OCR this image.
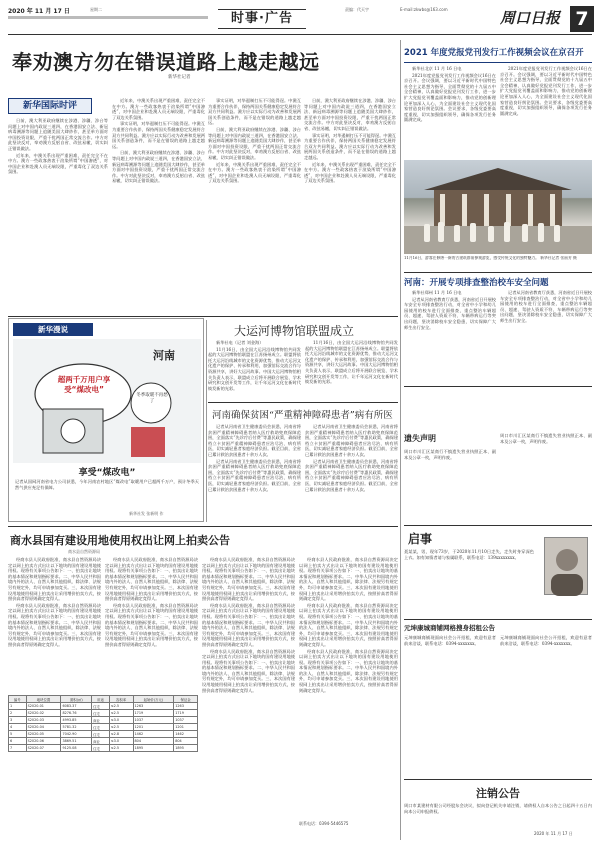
2020 年 11 月 17 日	星期二	责编：代天宇	E-mail:zkwbs@163.com
时事·广告	周口日报 7
奉劝澳方勿在错误道路上越走越远
新华社记者
新华国际时评

日前，澳大利亚政府继续在涉港、涉疆、涉台等问题上对中国内政说三道四，在香港国安立法、新冠病毒溯源等问题上追随美国大肆炒作，甚至单方面对中国投资设限，严重干扰两国正常交流合作。中方对此坚决反对，奉劝澳方反躬自省、改弦易辙，切实纠正错误做法。

近年来，中澳关系出现严重困难，责任完全不在中方。澳方一些政客热衷于渲染所谓“中国渗透”，对中国企业和赴澳人员无端设限，严重毒化了双边关系氛围。

近年来，中澳关系出现严重困难，责任完全不在中方。澳方一些政客热衷于渲染所谓“中国渗透”，对中国企业和赴澳人员无端设限，严重毒化了双边关系氛围。

事实证明，对华遏制打压不可能得逞。中澳互为重要合作伙伴，保持两国关系健康稳定发展符合双方共同利益。澳方应以实际行动为改善和发展两国关系创造条件，而不是在错误的道路上越走越远。

日前，澳大利亚政府继续在涉港、涉疆、涉台等问题上对中国内政说三道四，在香港国安立法、新冠病毒溯源等问题上追随美国大肆炒作，甚至单方面对中国投资设限，严重干扰两国正常交流合作。中方对此坚决反对，奉劝澳方反躬自省、改弦易辙，切实纠正错误做法。

事实证明，对华遏制打压不可能得逞。中澳互为重要合作伙伴，保持两国关系健康稳定发展符合双方共同利益。澳方应以实际行动为改善和发展两国关系创造条件，而不是在错误的道路上越走越远。

日前，澳大利亚政府继续在涉港、涉疆、涉台等问题上对中国内政说三道四，在香港国安立法、新冠病毒溯源等问题上追随美国大肆炒作，甚至单方面对中国投资设限，严重干扰两国正常交流合作。中方对此坚决反对，奉劝澳方反躬自省、改弦易辙，切实纠正错误做法。

近年来，中澳关系出现严重困难，责任完全不在中方。澳方一些政客热衷于渲染所谓“中国渗透”，对中国企业和赴澳人员无端设限，严重毒化了双边关系氛围。

日前，澳大利亚政府继续在涉港、涉疆、涉台等问题上对中国内政说三道四，在香港国安立法、新冠病毒溯源等问题上追随美国大肆炒作，甚至单方面对中国投资设限，严重干扰两国正常交流合作。中方对此坚决反对，奉劝澳方反躬自省、改弦易辙，切实纠正错误做法。

事实证明，对华遏制打压不可能得逞。中澳互为重要合作伙伴，保持两国关系健康稳定发展符合双方共同利益。澳方应以实际行动为改善和发展两国关系创造条件，而不是在错误的道路上越走越远。

近年来，中澳关系出现严重困难，责任完全不在中方。澳方一些政客热衷于渲染所谓“中国渗透”，对中国企业和赴澳人员无端设限，严重毒化了双边关系氛围。

2021 年度党报党刊发行工作视频会议在京召开

新华社北京 11 月 16 日电

2021年度党报党刊发行工作视频会议16日在京召开。会议强调，要以习近平新时代中国特色社会主义思想为指导，全面贯彻党的十九届五中全会精神，认真做好党报党刊发行工作，进一步扩大党报党刊覆盖面和影响力，推动党的创新理论更加深入人心，为全面建设社会主义现代化国家营造良好舆论氛围。会议要求，各级党委要高度重视，切实加强组织领导，确保各项发行任务圆满完成。

2021年度党报党刊发行工作视频会议16日在京召开。会议强调，要以习近平新时代中国特色社会主义思想为指导，全面贯彻党的十九届五中全会精神，认真做好党报党刊发行工作，进一步扩大党报党刊覆盖面和影响力，推动党的创新理论更加深入人心，为全面建设社会主义现代化国家营造良好舆论氛围。会议要求，各级党委要高度重视，切实加强组织领导，确保各项发行任务圆满完成。

11月16日，游客在修缮一新的古建筑群前参观游览，感受传统文化的独特魅力。 新华社记者 张丽芳 摄
河南：开展专项排查整治校车安全问题

新华社郑州 11 月 16 日电

记者从河南省教育厅获悉，河南省近日开展校车安全专项排查整治行动，对全省中小学和幼儿园使用的校车进行全面排查，重点整治车辆超员、超速、驾驶人资质不符、车辆带病运行等突出问题，坚决消除校车安全隐患，切实保障广大师生出行安全。

记者从河南省教育厅获悉，河南省近日开展校车安全专项排查整治行动，对全省中小学和幼儿园使用的校车进行全面排查，重点整治车辆超员、超速、驾驶人资质不符、车辆带病运行等突出问题，坚决消除校车安全隐患，切实保障广大师生出行安全。

新华漫说
超两千万用户享受“煤改电”
冬季取暖不再愁了
河南
享受“煤改电”
记者从国网河南省电力公司获悉，今年河南农村地区“煤改电”取暖用户已超两千万户，预计冬季天然气供应充足有保障。
新华社发 张新明 作
大运河博物馆联盟成立

新华社电（记者 刘金海）

11月16日，由全国大运河沿线博物馆共同发起的大运河博物馆联盟在江苏扬州成立。联盟将依托大运河沿线城市的文化资源优势，推动大运河文化遗产的保护、传承和利用，加强馆际交流合作与资源共享，讲好大运河故事。中国大运河博物馆相关负责人表示，联盟成立后将开展联合展览、学术研究和文创开发等工作，让千年运河文化在新时代焕发新的光彩。

11月16日，由全国大运河沿线博物馆共同发起的大运河博物馆联盟在江苏扬州成立。联盟将依托大运河沿线城市的文化资源优势，推动大运河文化遗产的保护、传承和利用，加强馆际交流合作与资源共享，讲好大运河故事。中国大运河博物馆相关负责人表示，联盟成立后将开展联合展览、学术研究和文创开发等工作，让千年运河文化在新时代焕发新的光彩。

河南确保贫困“严重精神障碍患者”病有所医

记者从河南省卫生健康委员会获悉，河南省将贫困严重精神障碍患者纳入医疗救助兜底保障范围，全面落实“先诊疗后付费”等惠民政策，确保建档立卡贫困严重精神障碍患者应治尽治、病有所医，切实减轻患者家庭经济负担。截至目前，全省已累计救治贫困患者十余万人次。

记者从河南省卫生健康委员会获悉，河南省将贫困严重精神障碍患者纳入医疗救助兜底保障范围，全面落实“先诊疗后付费”等惠民政策，确保建档立卡贫困严重精神障碍患者应治尽治、病有所医，切实减轻患者家庭经济负担。截至目前，全省已累计救治贫困患者十余万人次。

记者从河南省卫生健康委员会获悉，河南省将贫困严重精神障碍患者纳入医疗救助兜底保障范围，全面落实“先诊疗后付费”等惠民政策，确保建档立卡贫困严重精神障碍患者应治尽治、病有所医，切实减轻患者家庭经济负担。截至目前，全省已累计救治贫困患者十余万人次。

记者从河南省卫生健康委员会获悉，河南省将贫困严重精神障碍患者纳入医疗救助兜底保障范围，全面落实“先诊疗后付费”等惠民政策，确保建档立卡贫困严重精神障碍患者应治尽治、病有所医，切实减轻患者家庭经济负担。截至目前，全省已累计救治贫困患者十余万人次。

商水县国有建设用地使用权出让网上拍卖公告
商水县自然资源局

经商水县人民政府批准，商水县自然资源局决定以网上拍卖方式出让以下地块的国有建设用地使用权。现将有关事项公告如下：一、拍卖出让地块的基本情况和规划指标要求。二、中华人民共和国境内外的法人、自然人和其他组织，除法律、法规另有规定外，均可申请参加竞买。三、本次国有建设用地使用权网上拍卖出让采用增价拍卖方式，按照价高者得原则确定竞得人。

经商水县人民政府批准，商水县自然资源局决定以网上拍卖方式出让以下地块的国有建设用地使用权。现将有关事项公告如下：一、拍卖出让地块的基本情况和规划指标要求。二、中华人民共和国境内外的法人、自然人和其他组织，除法律、法规另有规定外，均可申请参加竞买。三、本次国有建设用地使用权网上拍卖出让采用增价拍卖方式，按照价高者得原则确定竞得人。

经商水县人民政府批准，商水县自然资源局决定以网上拍卖方式出让以下地块的国有建设用地使用权。现将有关事项公告如下：一、拍卖出让地块的基本情况和规划指标要求。二、中华人民共和国境内外的法人、自然人和其他组织，除法律、法规另有规定外，均可申请参加竞买。三、本次国有建设用地使用权网上拍卖出让采用增价拍卖方式，按照价高者得原则确定竞得人。

经商水县人民政府批准，商水县自然资源局决定以网上拍卖方式出让以下地块的国有建设用地使用权。现将有关事项公告如下：一、拍卖出让地块的基本情况和规划指标要求。二、中华人民共和国境内外的法人、自然人和其他组织，除法律、法规另有规定外，均可申请参加竞买。三、本次国有建设用地使用权网上拍卖出让采用增价拍卖方式，按照价高者得原则确定竞得人。

经商水县人民政府批准，商水县自然资源局决定以网上拍卖方式出让以下地块的国有建设用地使用权。现将有关事项公告如下：一、拍卖出让地块的基本情况和规划指标要求。二、中华人民共和国境内外的法人、自然人和其他组织，除法律、法规另有规定外，均可申请参加竞买。三、本次国有建设用地使用权网上拍卖出让采用增价拍卖方式，按照价高者得原则确定竞得人。

经商水县人民政府批准，商水县自然资源局决定以网上拍卖方式出让以下地块的国有建设用地使用权。现将有关事项公告如下：一、拍卖出让地块的基本情况和规划指标要求。二、中华人民共和国境内外的法人、自然人和其他组织，除法律、法规另有规定外，均可申请参加竞买。三、本次国有建设用地使用权网上拍卖出让采用增价拍卖方式，按照价高者得原则确定竞得人。

经商水县人民政府批准，商水县自然资源局决定以网上拍卖方式出让以下地块的国有建设用地使用权。现将有关事项公告如下：一、拍卖出让地块的基本情况和规划指标要求。二、中华人民共和国境内外的法人、自然人和其他组织，除法律、法规另有规定外，均可申请参加竞买。三、本次国有建设用地使用权网上拍卖出让采用增价拍卖方式，按照价高者得原则确定竞得人。

经商水县人民政府批准，商水县自然资源局决定以网上拍卖方式出让以下地块的国有建设用地使用权。现将有关事项公告如下：一、拍卖出让地块的基本情况和规划指标要求。二、中华人民共和国境内外的法人、自然人和其他组织，除法律、法规另有规定外，均可申请参加竞买。三、本次国有建设用地使用权网上拍卖出让采用增价拍卖方式，按照价高者得原则确定竞得人。

经商水县人民政府批准，商水县自然资源局决定以网上拍卖方式出让以下地块的国有建设用地使用权。现将有关事项公告如下：一、拍卖出让地块的基本情况和规划指标要求。二、中华人民共和国境内外的法人、自然人和其他组织，除法律、法规另有规定外，均可申请参加竞买。三、本次国有建设用地使用权网上拍卖出让采用增价拍卖方式，按照价高者得原则确定竞得人。

经商水县人民政府批准，商水县自然资源局决定以网上拍卖方式出让以下地块的国有建设用地使用权。现将有关事项公告如下：一、拍卖出让地块的基本情况和规划指标要求。二、中华人民共和国境内外的法人、自然人和其他组织，除法律、法规另有规定外，均可申请参加竞买。三、本次国有建设用地使用权网上拍卖出让采用增价拍卖方式，按照价高者得原则确定竞得人。

编号	地块位置	面积(㎡)	用途	容积率	起始价(万元)	保证金
1	S2020-01	6083.37	住宅	≤2.5	1263	1263
2	S2020-02	8276.76	住宅	≤2.5	1719	1719
3	S2020-03	4993.85	商业	≤3.0	1037	1037
4	S2020-04	5781.32	住宅	≤2.5	1201	1201
5	S2020-05	7042.90	住宅	≤2.8	1462	1462
6	S2020-06	3869.51	商业	≤3.0	804	804
7	S2020-07	9125.08	住宅	≤2.5	1895	1895
联系电话：0394-5446575
遗失声明
周口市川汇区某商行不慎遗失营业执照正本、副本及公章一枚，声明作废。
周口市川汇区某商行不慎遗失营业执照正本、副本及公章一枚，声明作废。
启事
聂某某，男，现年73岁，于2020年11月10日走失，走失时身穿深色上衣。如有知情者请与家属联系，联系电话：139xxxxxxxx。
元坤康城商铺网格搜身招租公告
元坤康城商铺现面向社会公开招租，欢迎有意者前来洽谈，联系电话：0394-xxxxxxx。
元坤康城商铺现面向社会公开招租，欢迎有意者前来洽谈，联系电话：0394-xxxxxxx。
注销公告
周口市某建材有限公司经股东会决议，拟向登记机关申请注销，请债权人自本公告之日起四十五日内向本公司申报债权。
2020 年 11 月 17 日
